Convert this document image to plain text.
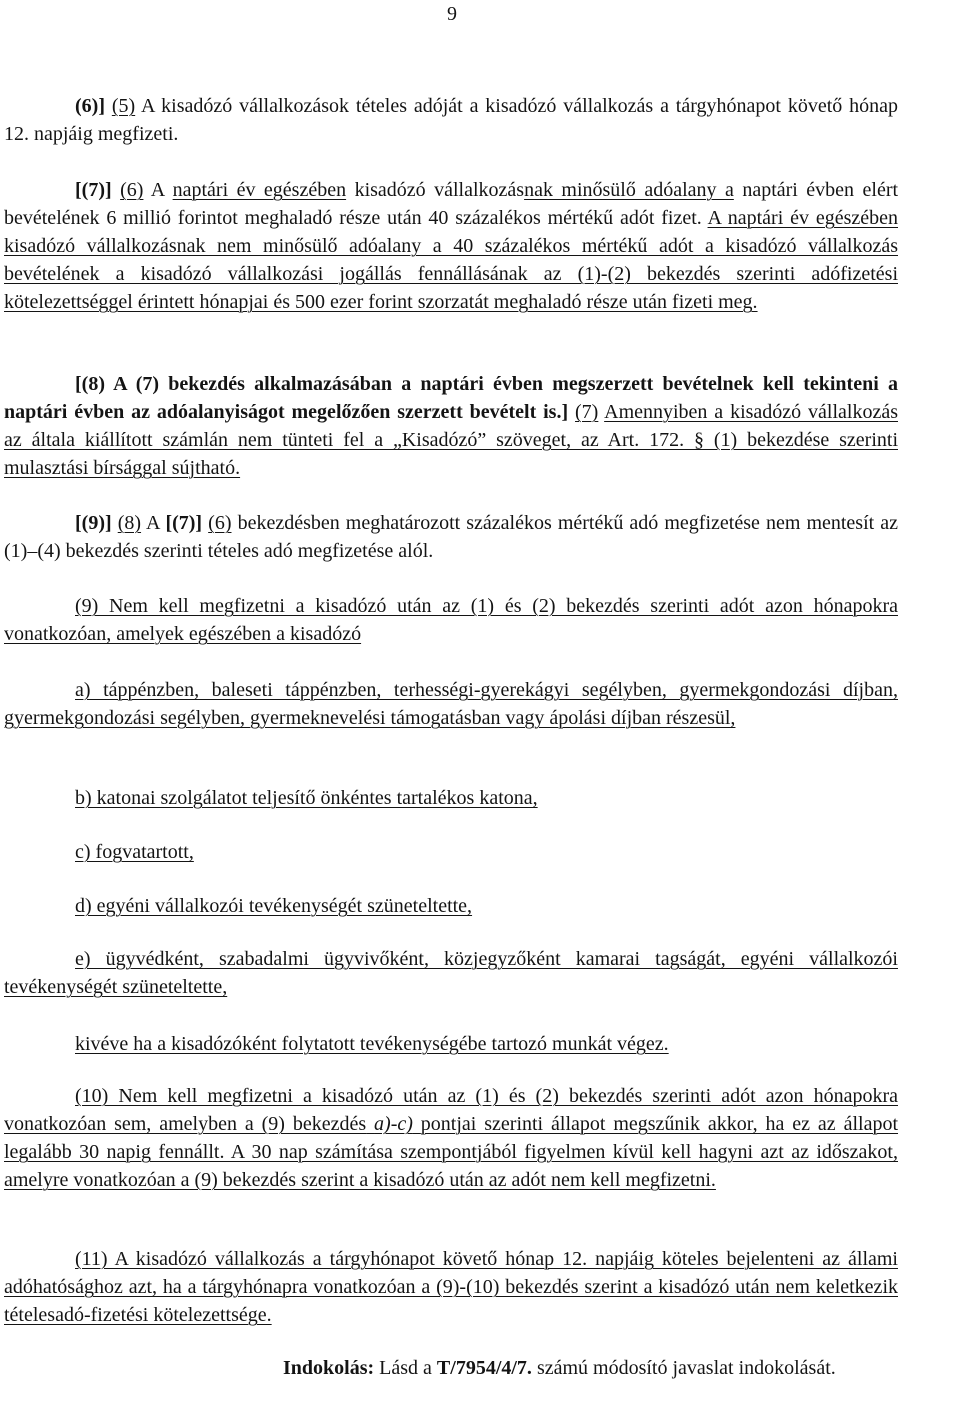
9

(6)] (5) A kisadózó vállalkozások tételes adóját a kisadózó vállalkozás a tárgyhónapot követő hónap 12. napjáig megfizeti.

[(7)] (6) A naptári év egészében kisadózó vállalkozásnak minősülő adóalany a naptári évben elért bevételének 6 millió forintot meghaladó része után 40 százalékos mértékű adót fizet. A naptári év egészében kisadózó vállalkozásnak nem minősülő adóalany a 40 százalékos mértékű adót a kisadózó vállalkozás bevételének a kisadózó vállalkozási jogállás fennállásának az (1)-(2) bekezdés szerinti adófizetési kötelezettséggel érintett hónapjai és 500 ezer forint szorzatát meghaladó része után fizeti meg.

[(8) A (7) bekezdés alkalmazásában a naptári évben megszerzett bevételnek kell tekinteni a naptári évben az adóalanyiságot megelőzően szerzett bevételt is.] (7) Amennyiben a kisadózó vállalkozás az általa kiállított számlán nem tünteti fel a „Kisadózó” szöveget, az Art. 172. § (1) bekezdése szerinti mulasztási bírsággal sújtható.

[(9)] (8) A [(7)] (6) bekezdésben meghatározott százalékos mértékű adó megfizetése nem mentesít az (1)–(4) bekezdés szerinti tételes adó megfizetése alól.

(9) Nem kell megfizetni a kisadózó után az (1) és (2) bekezdés szerinti adót azon hónapokra vonatkozóan, amelyek egészében a kisadózó

a) táppénzben, baleseti táppénzben, terhességi-gyerekágyi segélyben, gyermekgondozási díjban, gyermekgondozási segélyben, gyermeknevelési támogatásban vagy ápolási díjban részesül,

b) katonai szolgálatot teljesítő önkéntes tartalékos katona,

c) fogvatartott,

d) egyéni vállalkozói tevékenységét szüneteltette,

e) ügyvédként, szabadalmi ügyvivőként, közjegyzőként kamarai tagságát, egyéni vállalkozói tevékenységét szüneteltette,

kivéve ha a kisadózóként folytatott tevékenységébe tartozó munkát végez.

(10) Nem kell megfizetni a kisadózó után az (1) és (2) bekezdés szerinti adót azon hónapokra vonatkozóan sem, amelyben a (9) bekezdés a)-c) pontjai szerinti állapot megszűnik akkor, ha ez az állapot legalább 30 napig fennállt. A 30 nap számítása szempontjából figyelmen kívül kell hagyni azt az időszakot, amelyre vonatkozóan a (9) bekezdés szerint a kisadózó után az adót nem kell megfizetni.

(11) A kisadózó vállalkozás a tárgyhónapot követő hónap 12. napjáig köteles bejelenteni az állami adóhatósághoz azt, ha a tárgyhónapra vonatkozóan a (9)-(10) bekezdés szerint a kisadózó után nem keletkezik tételesadó-fizetési kötelezettsége.

Indokolás: Lásd a T/7954/4/7. számú módosító javaslat indokolását.
